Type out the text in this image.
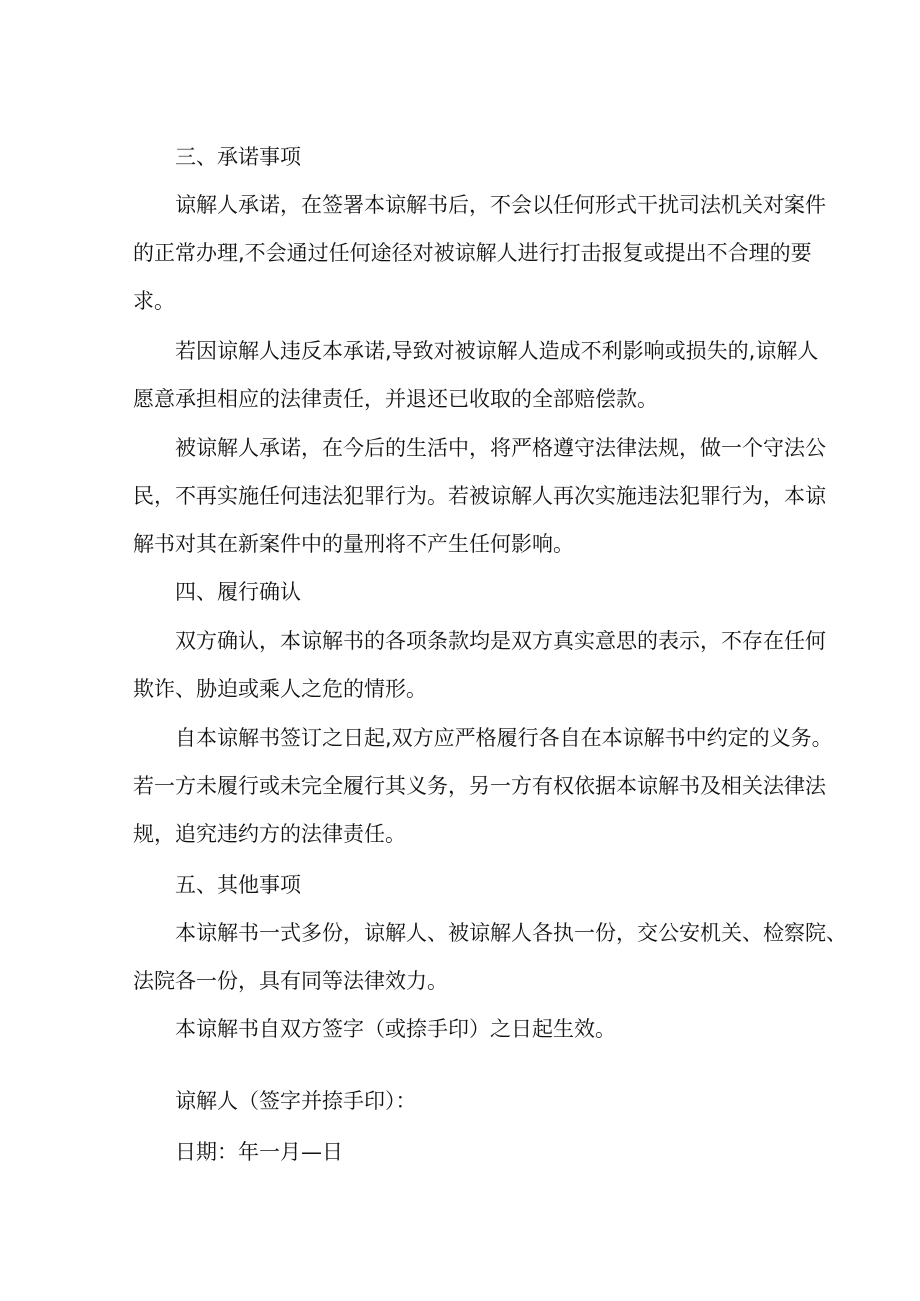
三、承诺事项
谅解人承诺，在签署本谅解书后，不会以任何形式干扰司法机关对案件
的正常办理,不会通过任何途径对被谅解人进行打击报复或提出不合理的要
求。
若因谅解人违反本承诺,导致对被谅解人造成不利影响或损失的,谅解人
愿意承担相应的法律责任，并退还已收取的全部赔偿款。
被谅解人承诺，在今后的生活中，将严格遵守法律法规，做一个守法公
民，不再实施任何违法犯罪行为。若被谅解人再次实施违法犯罪行为，本谅
解书对其在新案件中的量刑将不产生任何影响。
四、履行确认
双方确认，本谅解书的各项条款均是双方真实意思的表示，不存在任何
欺诈、胁迫或乘人之危的情形。
自本谅解书签订之日起,双方应严格履行各自在本谅解书中约定的义务。
若一方未履行或未完全履行其义务，另一方有权依据本谅解书及相关法律法
规，追究违约方的法律责任。
五、其他事项
本谅解书一式多份，谅解人、被谅解人各执一份，交公安机关、检察院、
法院各一份，具有同等法律效力。
本谅解书自双方签字（或捺手印）之日起生效。
谅解人（签字并捺手印）：
日期：年一月—日
